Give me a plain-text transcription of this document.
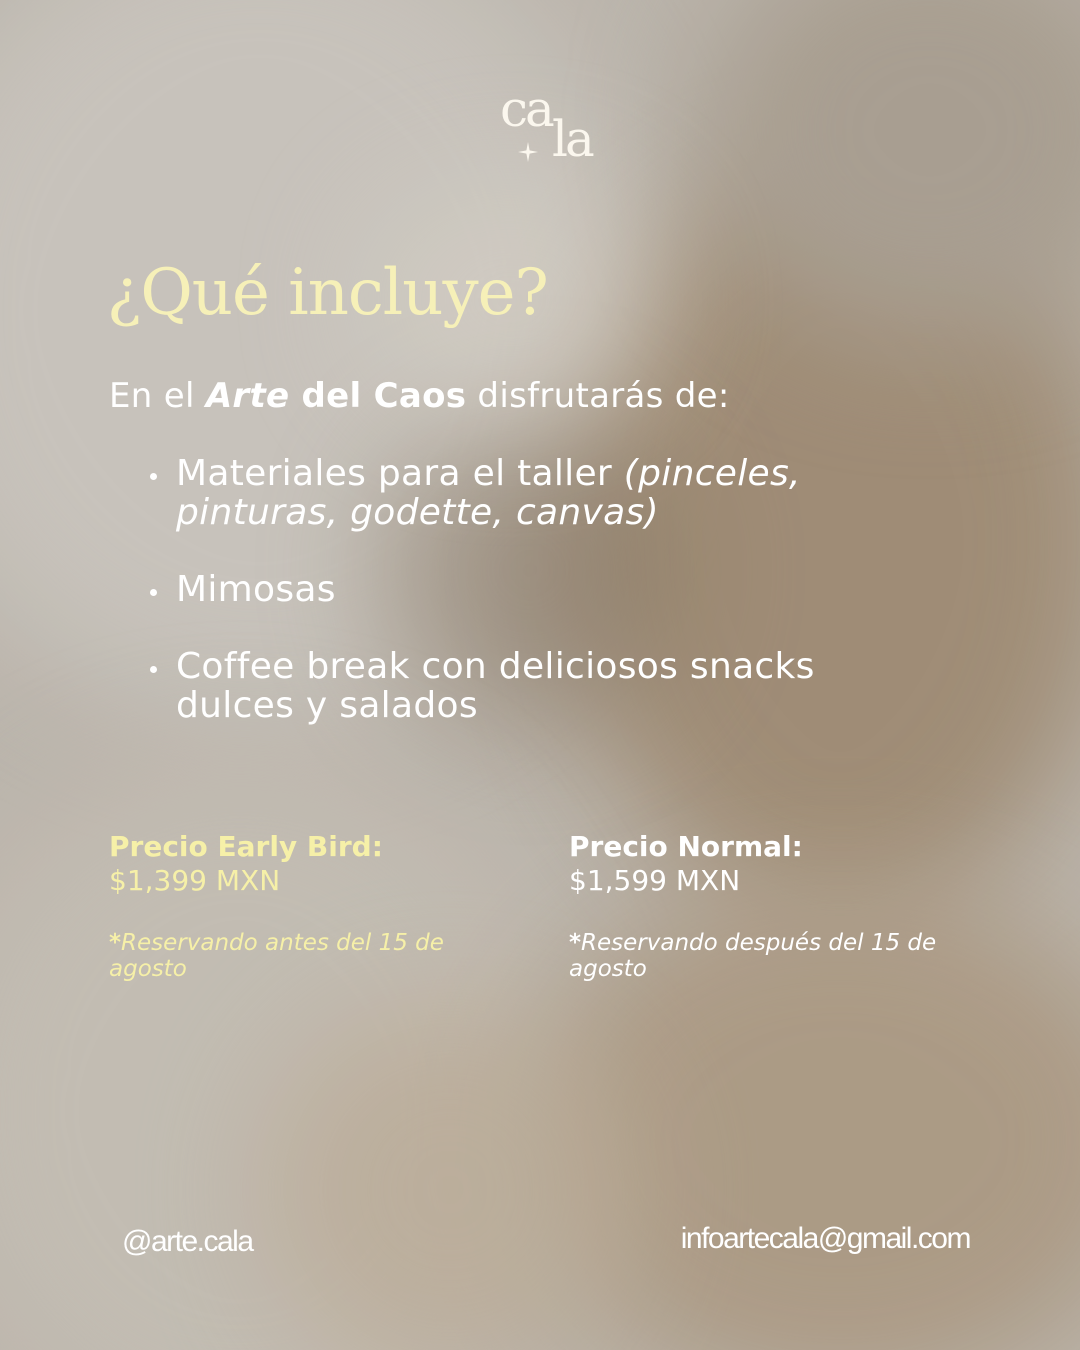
ca
la
¿Qué incluye?

En el Arte del Caos disfrutarás de:

Materiales para el taller (pinceles, pinturas, godette, canvas)
Mimosas
Coffee break con deliciosos snacks dulces y salados
Precio Early Bird:
$1,399 MXN
*Reservando antes del 15 de agosto
Precio Normal:
$1,599 MXN
*Reservando después del 15 de agosto
@arte.cala	infoartecala@gmail.com
